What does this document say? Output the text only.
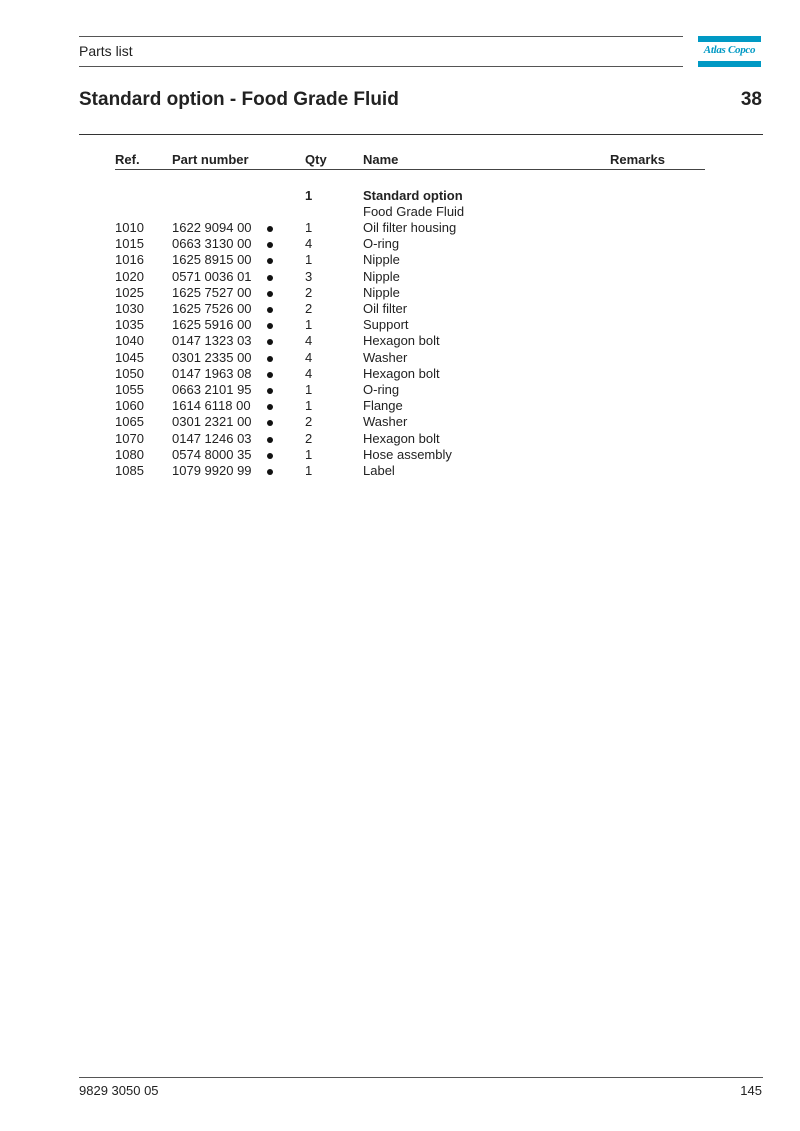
Parts list	Atlas Copco
Standard option - Food Grade Fluid	38
Ref. Part number	Qty	Name	Remarks
1	Standard option
Food Grade Fluid
1010 1622 9094 00	1	Oil filter housing
1015 0663 3130 00	4	O-ring
1016 1625 8915 00	1	Nipple
1020 0571 0036 01	3	Nipple
1025 1625 7527 00	2	Nipple
1030 1625 7526 00	2	Oil filter
1035 1625 5916 00	1	Support
1040 0147 1323 03	4	Hexagon bolt
1045 0301 2335 00	4	Washer
1050 0147 1963 08	4	Hexagon bolt
1055 0663 2101 95	1	O-ring
1060 1614 6118 00	1	Flange
1065 0301 2321 00	2	Washer
1070 0147 1246 03	2	Hexagon bolt
1080 0574 8000 35	1	Hose assembly
1085 1079 9920 99	1	Label
9829 3050 05	145
